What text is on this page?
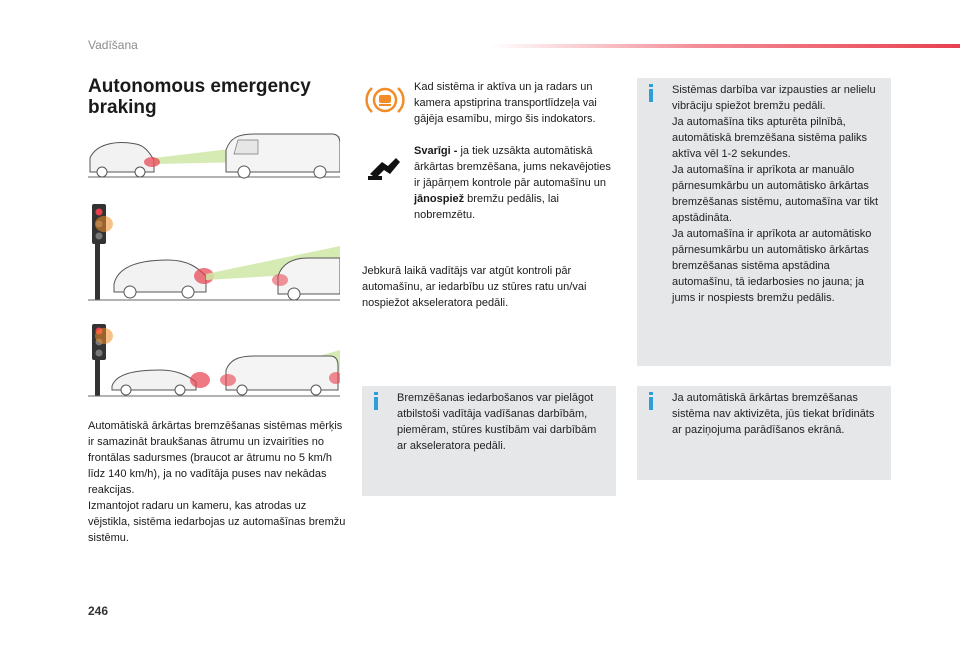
Vadīšana
Autonomous emergency braking
Automātiskā ārkārtas bremzēšanas sistēmas mērķis ir samazināt braukšanas ātrumu un izvairīties no frontālas sadursmes (braucot ar ātrumu no 5 km/h līdz 140 km/h), ja no vadītāja puses nav nekādas reakcijas.
Izmantojot radaru un kameru, kas atrodas uz vējstikla, sistēma iedarbojas uz automašīnas bremžu sistēmu.
Kad sistēma ir aktīva un ja radars un kamera apstiprina transportlīdzeļa vai gājēja esamību, mirgo šis indokators.
Svarīgi - ja tiek uzsākta automātiskā ārkārtas bremzēšana, jums nekavējoties ir jāpārņem kontrole pār automašīnu un jānospiež bremžu pedālis, lai nobremzētu.
Jebkurā laikā vadītājs var atgūt kontroli pār automašīnu, ar iedarbību uz stūres ratu un/vai nospiežot akseleratora pedāli.
Sistēmas darbība var izpausties ar nelielu vibrāciju spiežot bremžu pedāli.
Ja automašīna tiks apturēta pilnībā, automātiskā bremzēšana sistēma paliks aktīva vēl 1-2 sekundes.
Ja automašīna ir aprīkota ar manuālo pārnesumkārbu un automātisko ārkārtas bremzēšanas sistēmu, automašīna var tikt apstādināta.
Ja automašīna ir aprīkota ar automātisko pārnesumkārbu un automātisko ārkārtas bremzēšanas sistēma apstādina automašīnu, tā iedarbosies no jauna; ja jums ir nospiests bremžu pedālis.
Bremzēšanas iedarbošanos var pielāgot atbilstoši vadītāja vadīšanas darbībām, piemēram, stūres kustībām vai darbībām ar akseleratora pedāli.
Ja automātiskā ārkārtas bremzēšanas sistēma nav aktivizēta, jūs tiekat brīdināts ar paziņojuma parādīšanos ekrānā.
246
